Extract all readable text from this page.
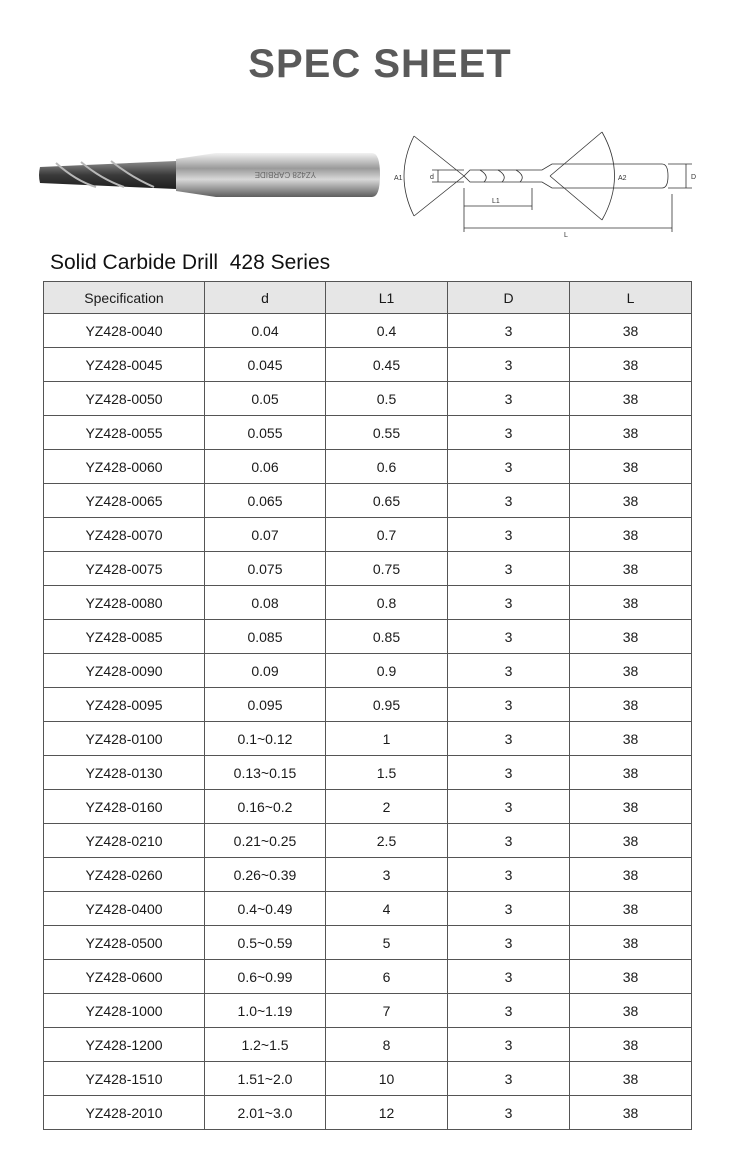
SPEC SHEET
YZ428 CARBIDE	A1	A2
d	D
L1
L
Solid Carbide Drill  428 Series
Specification	d	L1	D	L
YZ428-0040	0.04	0.4	3	38
YZ428-0045	0.045	0.45	3	38
YZ428-0050	0.05	0.5	3	38
YZ428-0055	0.055	0.55	3	38
YZ428-0060	0.06	0.6	3	38
YZ428-0065	0.065	0.65	3	38
YZ428-0070	0.07	0.7	3	38
YZ428-0075	0.075	0.75	3	38
YZ428-0080	0.08	0.8	3	38
YZ428-0085	0.085	0.85	3	38
YZ428-0090	0.09	0.9	3	38
YZ428-0095	0.095	0.95	3	38
YZ428-0100	0.1~0.12	1	3	38
YZ428-0130	0.13~0.15	1.5	3	38
YZ428-0160	0.16~0.2	2	3	38
YZ428-0210	0.21~0.25	2.5	3	38
YZ428-0260	0.26~0.39	3	3	38
YZ428-0400	0.4~0.49	4	3	38
YZ428-0500	0.5~0.59	5	3	38
YZ428-0600	0.6~0.99	6	3	38
YZ428-1000	1.0~1.19	7	3	38
YZ428-1200	1.2~1.5	8	3	38
YZ428-1510	1.51~2.0	10	3	38
YZ428-2010	2.01~3.0	12	3	38
